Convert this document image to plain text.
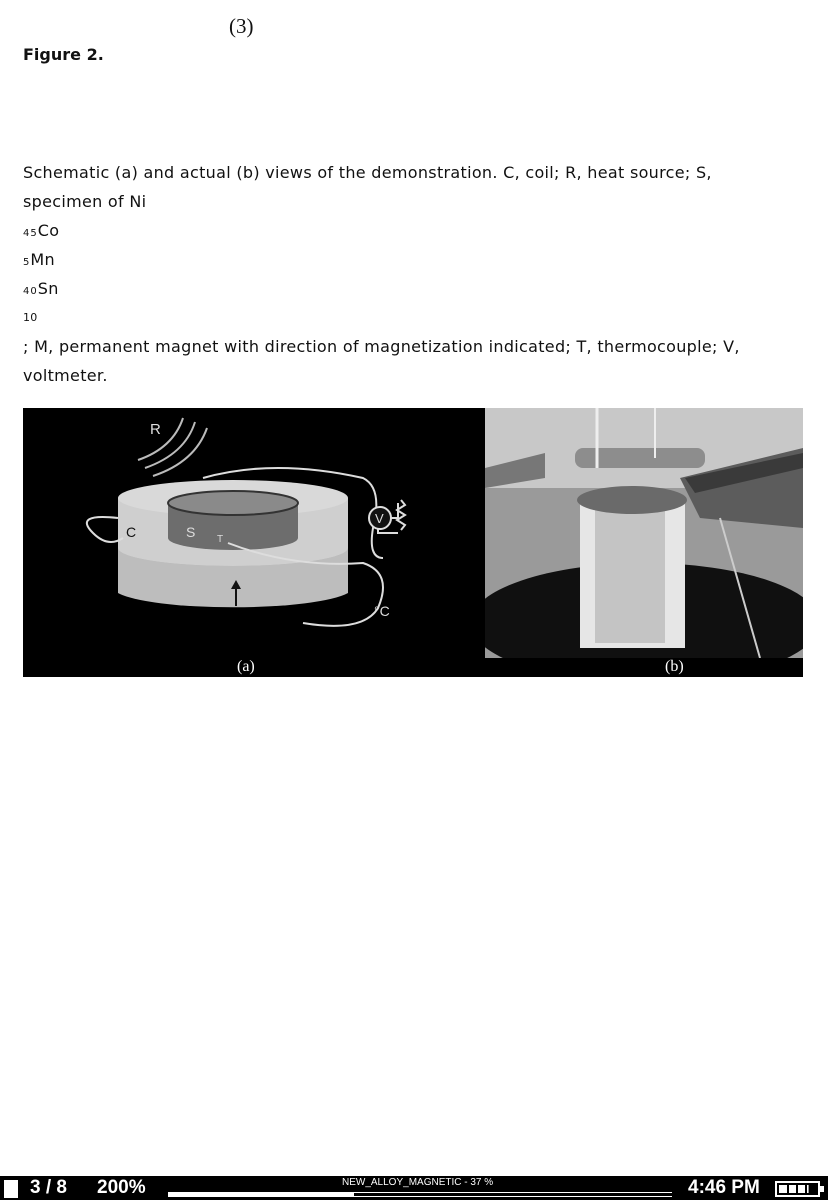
(3)
Figure 2.
Schematic (a) and actual (b) views of the demonstration. C, coil; R, heat source; S,
specimen of Ni
45Co
5Mn
40Sn
10
; M, permanent magnet with direction of magnetization indicated; T, thermocouple; V,
voltmeter.
R
C	S T
V
°C
(a)	(b)
3 / 8 200%	NEW_ALLOY_MAGNETIC - 37 %	4:46 PM
